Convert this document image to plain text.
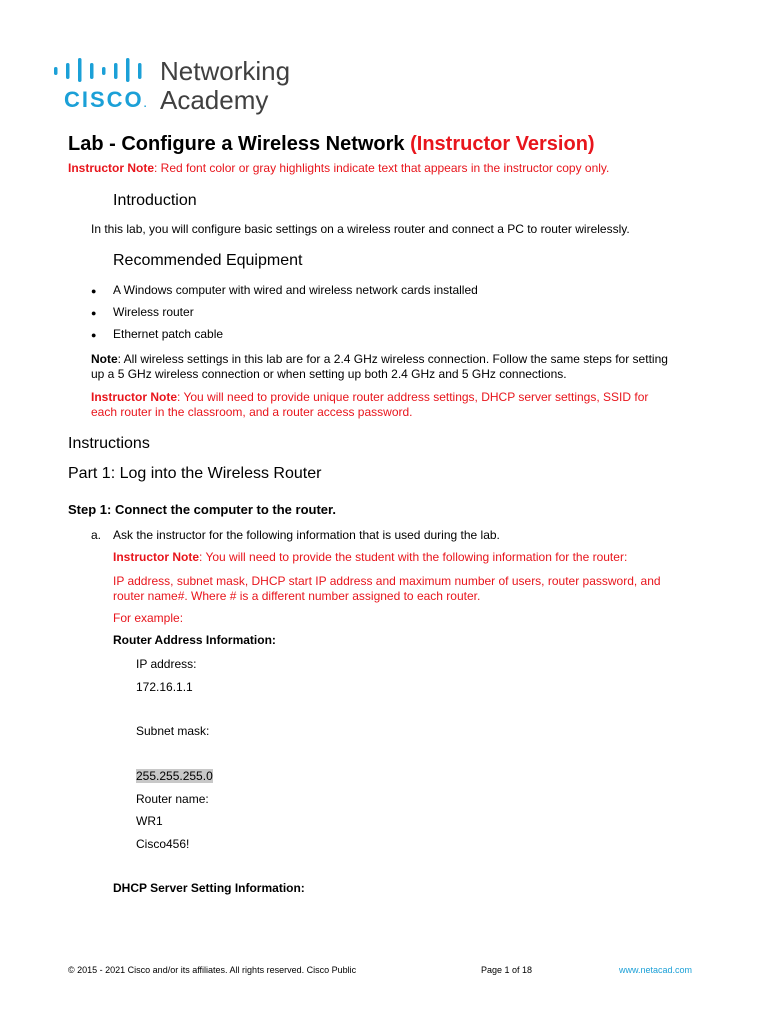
CISCO.
Networking
Academy
Lab - Configure a Wireless Network (Instructor Version)
Instructor Note: Red font color or gray highlights indicate text that appears in the instructor copy only.
Introduction
In this lab, you will configure basic settings on a wireless router and connect a PC to router wirelessly.
Recommended Equipment
● A Windows computer with wired and wireless network cards installed
● Wireless router
● Ethernet patch cable
Note: All wireless settings in this lab are for a 2.4 GHz wireless connection. Follow the same steps for setting
up a 5 GHz wireless connection or when setting up both 2.4 GHz and 5 GHz connections.
Instructor Note: You will need to provide unique router address settings, DHCP server settings, SSID for
each router in the classroom, and a router access password.
Instructions
Part 1: Log into the Wireless Router
Step 1: Connect the computer to the router.
a. Ask the instructor for the following information that is used during the lab.
Instructor Note: You will need to provide the student with the following information for the router:
IP address, subnet mask, DHCP start IP address and maximum number of users, router password, and
router name#. Where # is a different number assigned to each router.
For example:
Router Address Information:
IP address:
172.16.1.1
Subnet mask:
255.255.255.0
Router name:
WR1
Cisco456!
DHCP Server Setting Information:
© 2015 - 2021 Cisco and/or its affiliates. All rights reserved. Cisco Public	Page 1 of 18	www.netacad.com
